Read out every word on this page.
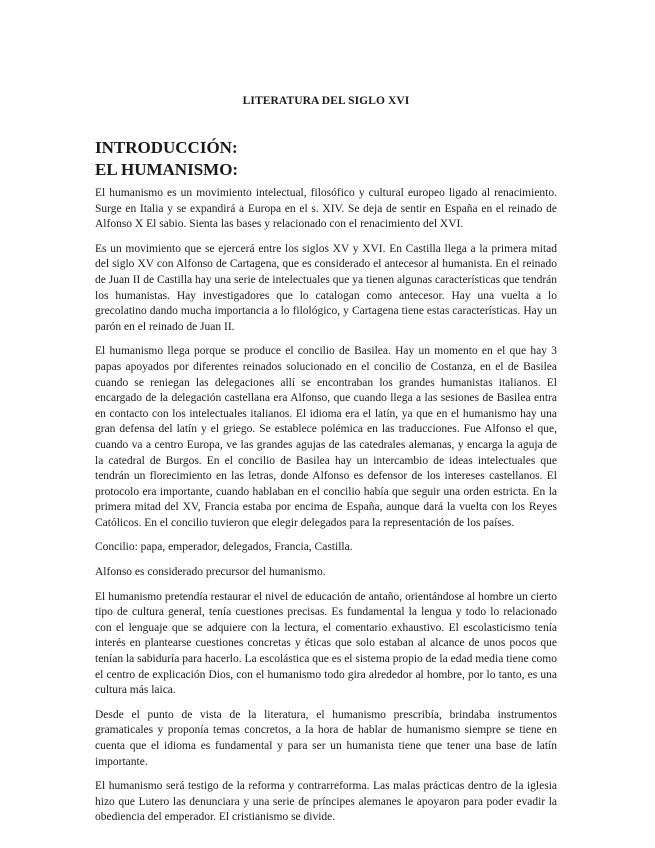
LITERATURA DEL SIGLO XVI
INTRODUCCIÓN:
EL HUMANISMO:

El humanismo es un movimiento intelectual, filosófico y cultural europeo ligado al renacimiento. Surge en Italia y se expandirá a Europa en el s. XIV. Se deja de sentir en España en el reinado de Alfonso X El sabio. Sienta las bases y relacionado con el renacimiento del XVI.

Es un movimiento que se ejercerá entre los siglos XV y XVI. En Castilla llega a la primera mitad del siglo XV con Alfonso de Cartagena, que es considerado el antecesor al humanista. En el reinado de Juan II de Castilla hay una serie de intelectuales que ya tienen algunas características que tendrán los humanistas. Hay investigadores que lo catalogan como antecesor. Hay una vuelta a lo grecolatino dando mucha importancia a lo filológico, y Cartagena tiene estas características. Hay un parón en el reinado de Juan II.

El humanismo llega porque se produce el concilio de Basilea. Hay un momento en el que hay 3 papas apoyados por diferentes reinados solucionado en el concilio de Costanza, en el de Basilea cuando se reniegan las delegaciones allí se encontraban los grandes humanistas italianos. El encargado de la delegación castellana era Alfonso, que cuando llega a las sesiones de Basilea entra en contacto con los intelectuales italianos. El idioma era el latín, ya que en el humanismo hay una gran defensa del latín y el griego. Se establece polémica en las traducciones. Fue Alfonso el que, cuando va a centro Europa, ve las grandes agujas de las catedrales alemanas, y encarga la aguja de la catedral de Burgos. En el concilio de Basilea hay un intercambio de ideas intelectuales que tendrán un florecimiento en las letras, donde Alfonso es defensor de los intereses castellanos. El protocolo era importante, cuando hablaban en el concilio había que seguir una orden estricta. En la primera mitad del XV, Francia estaba por encima de España, aunque dará la vuelta con los Reyes Católicos. En el concilio tuvieron que elegir delegados para la representación de los países.

Concilio: papa, emperador, delegados, Francia, Castilla.

Alfonso es considerado precursor del humanismo.

El humanismo pretendía restaurar el nivel de educación de antaño, orientándose al hombre un cierto tipo de cultura general, tenía cuestiones precisas. Es fundamental la lengua y todo lo relacionado con el lenguaje que se adquiere con la lectura, el comentario exhaustivo. El escolasticismo tenía interés en plantearse cuestiones concretas y éticas que solo estaban al alcance de unos pocos que tenían la sabiduría para hacerlo. La escolástica que es el sistema propio de la edad media tiene como el centro de explicación Dios, con el humanismo todo gira alrededor al hombre, por lo tanto, es una cultura más laica.

Desde el punto de vista de la literatura, el humanismo prescribía, brindaba instrumentos gramaticales y proponía temas concretos, a la hora de hablar de humanismo siempre se tiene en cuenta que el idioma es fundamental y para ser un humanista tiene que tener una base de latín importante.

El humanismo será testigo de la reforma y contrarreforma. Las malas prácticas dentro de la iglesia hizo que Lutero las denunciara y una serie de príncipes alemanes le apoyaron para poder evadir la obediencia del emperador. El cristianismo se divide.
